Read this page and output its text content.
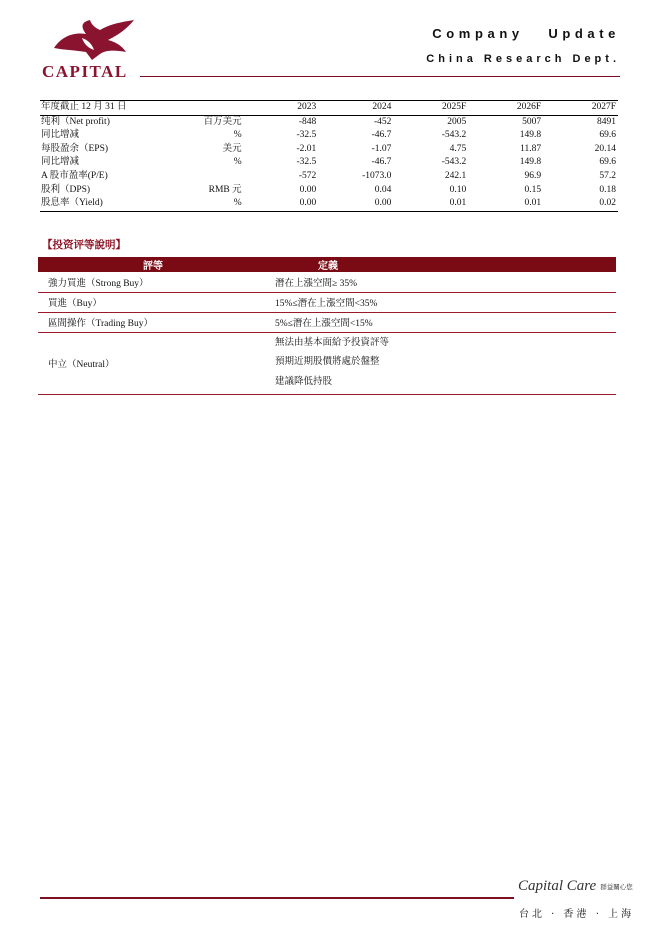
CAPITAL
Company   Update
China Research Dept.
年度截止 12 月 31 日		2023	2024	2025F	2026F	2027F
纯利（Net profit)	百万美元	-848	-452	2005	5007	8491
同比增减	%	-32.5	-46.7	-543.2	149.8	69.6
每股盈余（EPS)	美元	-2.01	-1.07	4.75	11.87	20.14
同比增减	%	-32.5	-46.7	-543.2	149.8	69.6
A 股市盈率(P/E)		-572	-1073.0	242.1	96.9	57.2
股利（DPS)	RMB 元	0.00	0.04	0.10	0.15	0.18
股息率（Yield)	%	0.00	0.00	0.01	0.01	0.02
【投资评等說明】
評等	定義
強力買進（Strong Buy）	潛在上漲空間≥ 35%
買進（Buy）	15%≤潛在上漲空間<35%
區間操作（Trading Buy）	5%≤潛在上漲空間<15%
中立（Neutral）	無法由基本面給予投資評等
預期近期股價將處於盤整
建議降低持股
Capital Care 群益關心您
台北 · 香港 · 上海
